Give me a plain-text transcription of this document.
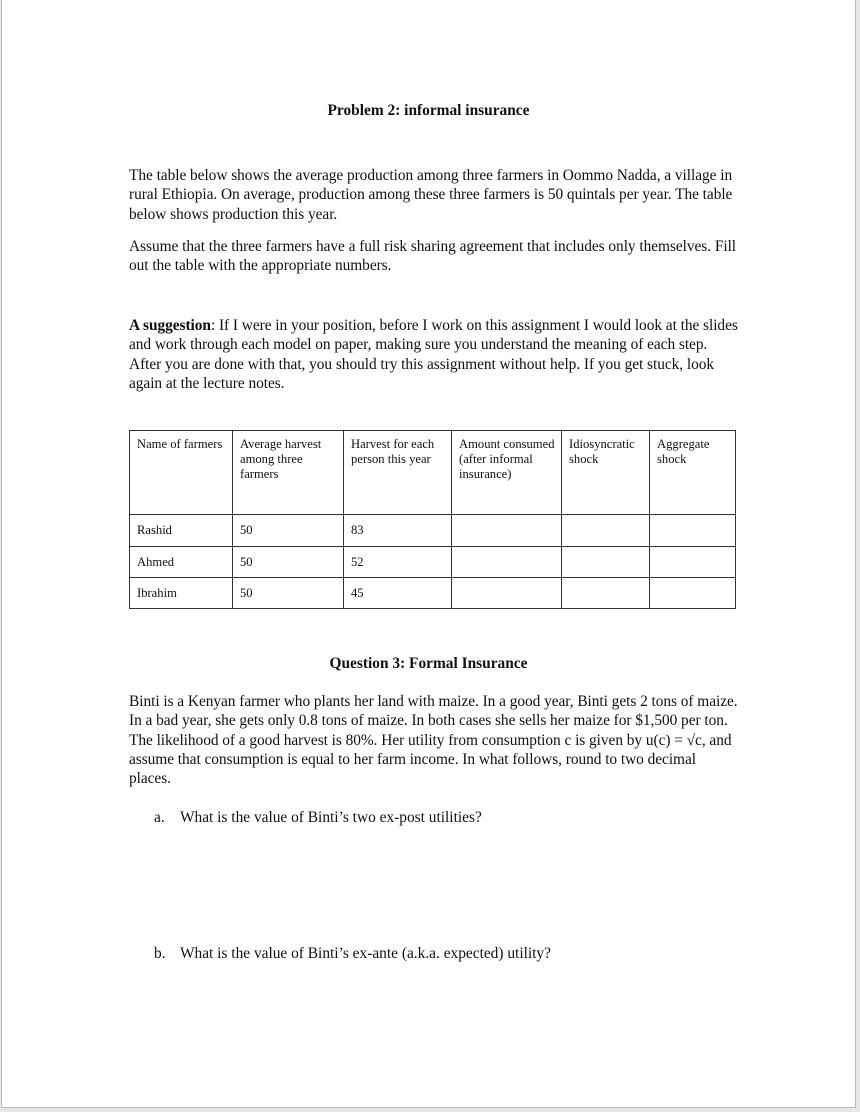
Problem 2: informal insurance

The table below shows the average production among three farmers in Oommo Nadda, a village in rural Ethiopia. On average, production among these three farmers is 50 quintals per year. The table below shows production this year.

Assume that the three farmers have a full risk sharing agreement that includes only themselves. Fill out the table with the appropriate numbers.

A suggestion: If I were in your position, before I work on this assignment I would look at the slides and work through each model on paper, making sure you understand the meaning of each step. After you are done with that, you should try this assignment without help. If you get stuck, look again at the lecture notes.

Name of farmers	Average harvest among three farmers	Harvest for each person this year	Amount consumed (after informal insurance)	Idiosyncratic shock	Aggregate shock
Rashid	50	83			
Ahmed	50	52			
Ibrahim	50	45			
Question 3: Formal Insurance

Binti is a Kenyan farmer who plants her land with maize. In a good year, Binti gets 2 tons of maize. In a bad year, she gets only 0.8 tons of maize. In both cases she sells her maize for $1,500 per ton. The likelihood of a good harvest is 80%. Her utility from consumption c is given by u(c) = √c, and assume that consumption is equal to her farm income. In what follows, round to two decimal places.

a. What is the value of Binti’s two ex-post utilities?

b. What is the value of Binti’s ex-ante (a.k.a. expected) utility?
